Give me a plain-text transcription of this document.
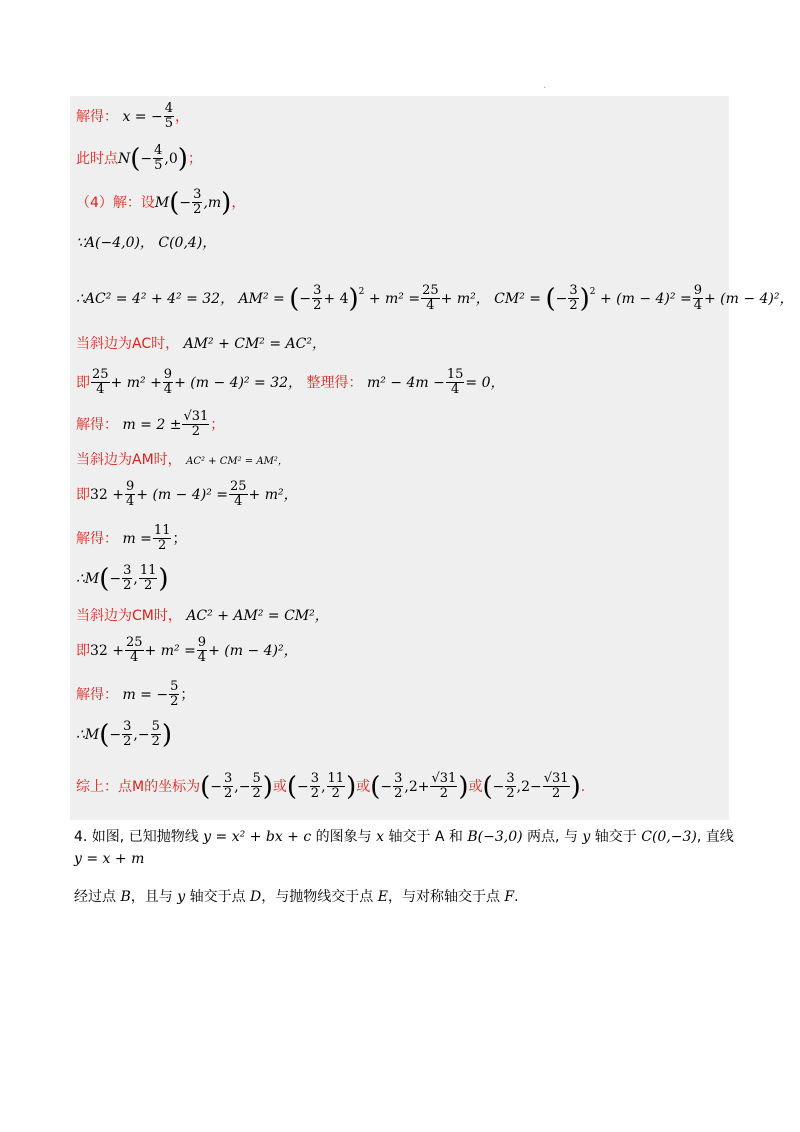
.
解得： x = − $\frac{4}{5}$ ，
此时点$N(- \frac{4}{5} ,0)$；
（4）解：设$M(- \frac{3}{2} ,m)$，
∵A(−4,0)， C(0,4)，
∴AC² = 4² + 4² = 32， AM² = (− $\frac{3}{2} + 4)^2 + m^2 = \frac{25}{4} + m^2$， CM² = (− $\frac{3}{2} )^2 + (m - 4)^2 = \frac{9}{4} + (m - 4)^2$，
当斜边为AC时， AM² + CM² = AC²，
即 $\frac{25}{4} + m^2 + \frac{9}{4} + (m - 4)^2 = 32$， 整理得： $m^2 - 4m - \frac{15}{4} = 0$，
解得： $m = 2 \pm \frac{√31}{2}$ ；
当斜边为AM时， AC² + CM² = AM²，
即$32 + \frac{9}{4} + (m - 4)^2 = \frac{25}{4} + m^2$，
解得： $m = \frac{11}{2}$ ；
∴M(− $\frac{3}{2}$ , $\frac{11}{2}$ )
当斜边为CM时， AC² + AM² = CM²，
即$32 + \frac{25}{4} + m^2 = \frac{9}{4} + (m - 4)^2$，
解得： m = − $\frac{5}{2}$ ；
∴M(− $\frac{3}{2}$ ,− $\frac{5}{2}$ )
综上：点M的坐标为(− $\frac{3}{2}$ ,− $\frac{5}{2}$ )或(− $\frac{3}{2}$ , $\frac{11}{2}$ )或(− $\frac{3}{2} ,2+ \frac{√31}{2}$ )或(− $\frac{3}{2} ,2- \frac{√31}{2}$ ).

4. 如图, 已知抛物线 y = x² + bx + c 的图象与 x 轴交于 A 和 B(−3,0) 两点, 与 y 轴交于 C(0,−3), 直线 y = x + m

经过点 B，且与 y 轴交于点 D，与抛物线交于点 E，与对称轴交于点 F.
